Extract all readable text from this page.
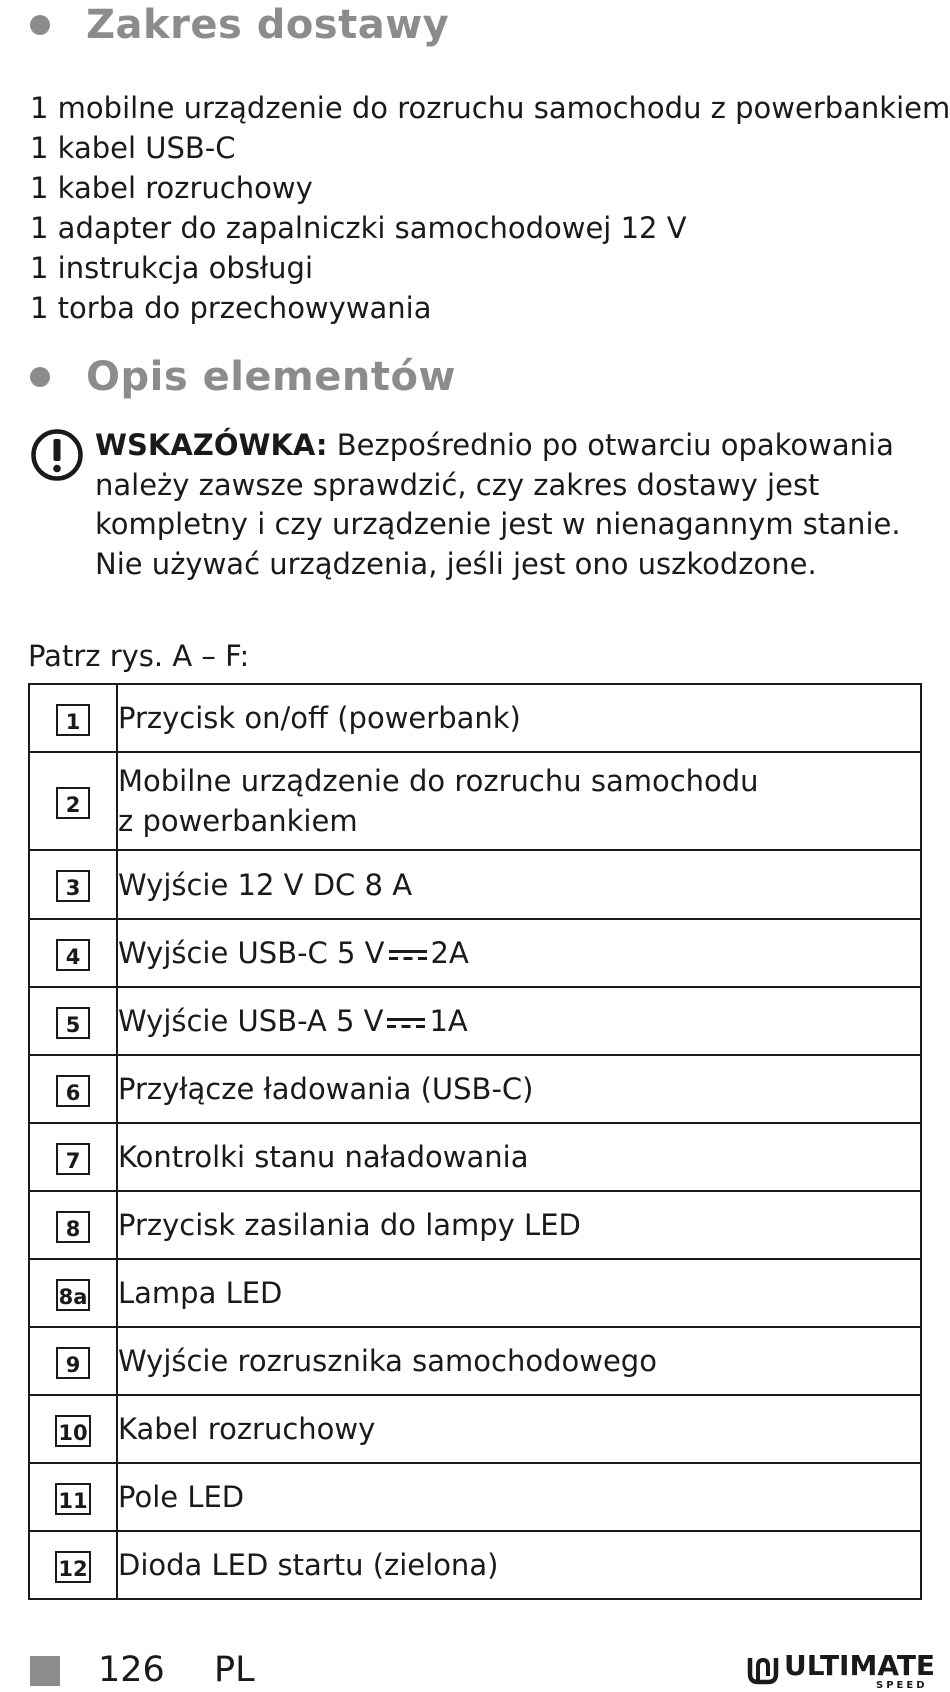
Zakres dostawy
1 mobilne urządzenie do rozruchu samochodu z powerbankiem
1 kabel USB-C
1 kabel rozruchowy
1 adapter do zapalniczki samochodowej 12 V
1 instrukcja obsługi
1 torba do przechowywania
Opis elementów
WSKAZÓWKA: Bezpośrednio po otwarciu opakowania należy zawsze sprawdzić, czy zakres dostawy jest kompletny i czy urządzenie jest w nienagannym stanie. Nie używać urządzenia, jeśli jest ono uszkodzone.
Patrz rys. A – F:
1	Przycisk on/off (powerbank)
2	Mobilne urządzenie do rozruchu samochodu
z powerbankiem
3	Wyjście 12 V DC 8 A
4	Wyjście USB-C 5 V 2A
5	Wyjście USB-A 5 V 1A
6	Przyłącze ładowania (USB-C)
7	Kontrolki stanu naładowania
8	Przycisk zasilania do lampy LED
8a	Lampa LED
9	Wyjście rozrusznika samochodowego
10	Kabel rozruchowy
11	Pole LED
12	Dioda LED startu (zielona)
126 PL	ULTIMATE
SPEED
